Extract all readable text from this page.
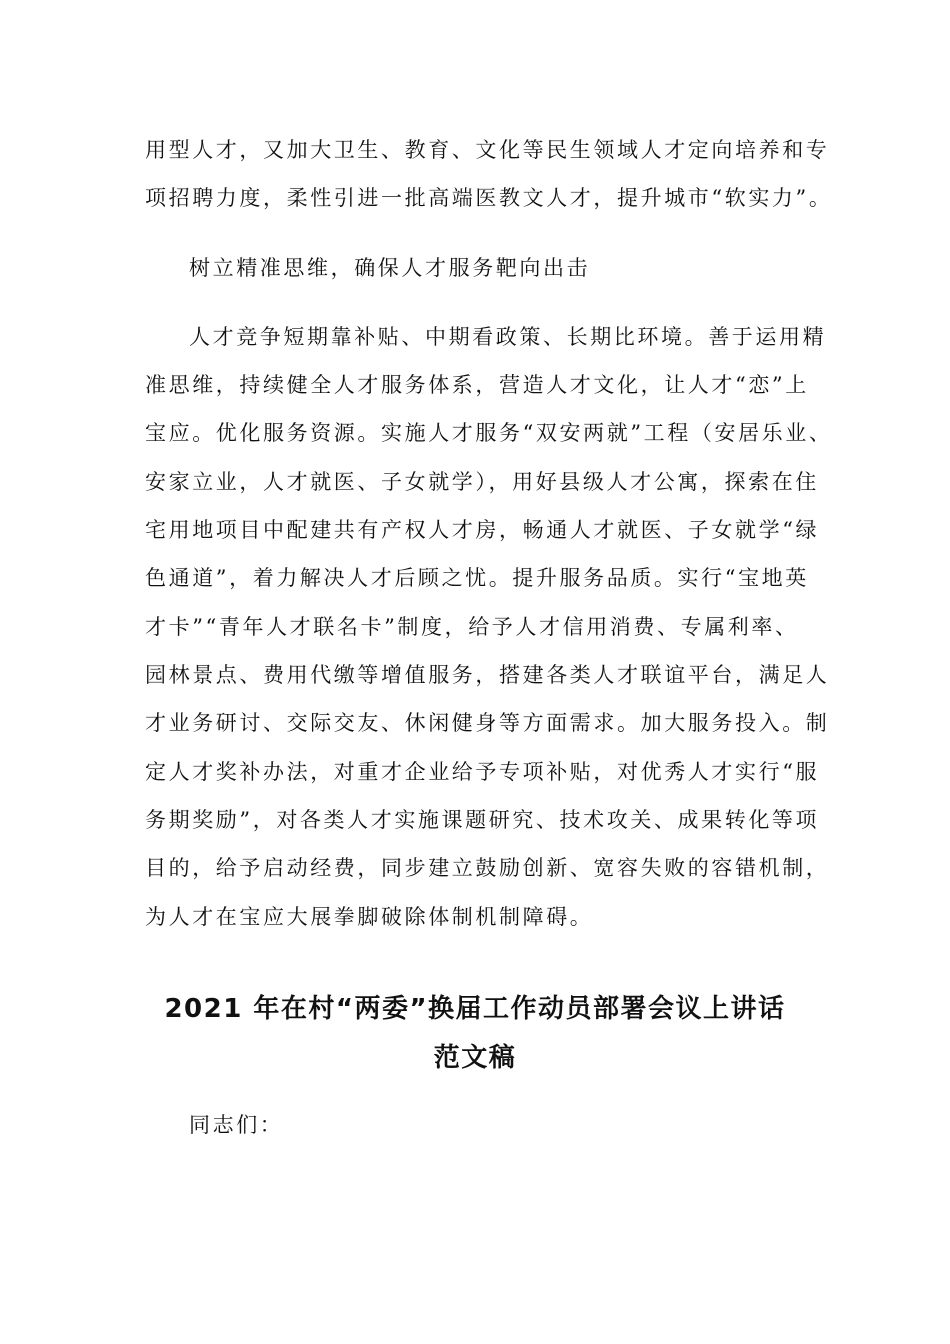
用型人才，又加大卫生、教育、文化等民生领域人才定向培养和专
项招聘力度，柔性引进一批高端医教文人才，提升城市“软实力”。
树立精准思维，确保人才服务靶向出击
人才竞争短期靠补贴、中期看政策、长期比环境。善于运用精
准思维，持续健全人才服务体系，营造人才文化，让人才“恋”上
宝应。优化服务资源。实施人才服务“双安两就”工程（安居乐业、
安家立业，人才就医、子女就学），用好县级人才公寓，探索在住
宅用地项目中配建共有产权人才房，畅通人才就医、子女就学“绿
色通道”，着力解决人才后顾之忧。提升服务品质。实行“宝地英
才卡”“青年人才联名卡”制度，给予人才信用消费、专属利率、
园林景点、费用代缴等增值服务，搭建各类人才联谊平台，满足人
才业务研讨、交际交友、休闲健身等方面需求。加大服务投入。制
定人才奖补办法，对重才企业给予专项补贴，对优秀人才实行“服
务期奖励”，对各类人才实施课题研究、技术攻关、成果转化等项
目的，给予启动经费，同步建立鼓励创新、宽容失败的容错机制，
为人才在宝应大展拳脚破除体制机制障碍。
2021 年在村“两委”换届工作动员部署会议上讲话
范文稿
同志们：
